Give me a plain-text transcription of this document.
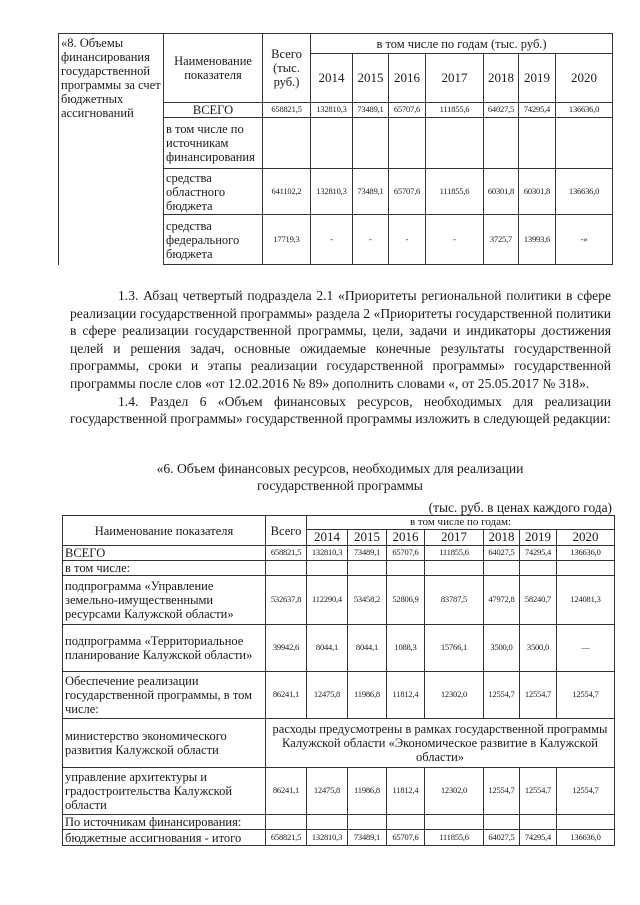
«8. Объемы финансирования государственной программы за счет бюджетных ассигнований	Наименование показателя	Всего (тыс. руб.)	в том числе по годам (тыс. руб.)						
			2014	2015	2016	2017	2018	2019	2020
	ВСЕГО	658821,5	132810,3	73489,1	65707,6	111855,6	64027,5	74295,4	136636,0
	в том числе по источникам финансирования								
	средства областного бюджета	641102,2	132810,3	73489,1	65707,6	111855,6	60301,8	60301,8	136636,0
	средства федерального бюджета	17719,3	-	-	-	-	3725,7	13993,6	-»

1.3. Абзац четвертый подраздела 2.1 «Приоритеты региональной политики в сфере реализации государственной программы» раздела 2 «Приоритеты государственной политики в сфере реализации государственной программы, цели, задачи и индикаторы достижения целей и решения задач, основные ожидаемые конечные результаты государственной программы, сроки и этапы реализации государственной программы» государственной программы после слов «от 12.02.2016 № 89» дополнить словами «, от 25.05.2017 № 318».

1.4. Раздел 6 «Объем финансовых ресурсов, необходимых для реализации государственной программы» государственной программы изложить в следующей редакции:

«6. Объем финансовых ресурсов, необходимых для реализации
государственной программы
(тыс. руб. в ценах каждого года)
Наименование показателя	Всего	в том числе по годам:						
		2014	2015	2016	2017	2018	2019	2020
ВСЕГО	658821,5	132810,3	73489,1	65707,6	111855,6	64027,5	74295,4	136636,0
в том числе:								
подпрограмма «Управление земельно-имущественными ресурсами Калужской области»	532637,8	112290,4	53458,2	52806,9	83787,5	47972,8	58240,7	124081,3
подпрограмма «Территориальное планирование Калужской области»	39942,6	8044,1	8044,1	1088,3	15766,1	3500,0	3500,0	—
Обеспечение реализации государственной программы, в том числе:	86241,1	12475,8	11986,8	11812,4	12302,0	12554,7	12554,7	12554,7
министерство экономического развития Калужской области	расходы предусмотрены в рамках государственной программы Калужской области «Экономическое развитие в Калужской области»							
управление архитектуры и градостроительства Калужской области	86241,1	12475,8	11986,8	11812,4	12302,0	12554,7	12554,7	12554,7
По источникам финансирования:								
бюджетные ассигнования - итого	658821,5	132810,3	73489,1	65707,6	111855,6	64027,5	74295,4	136636,0
